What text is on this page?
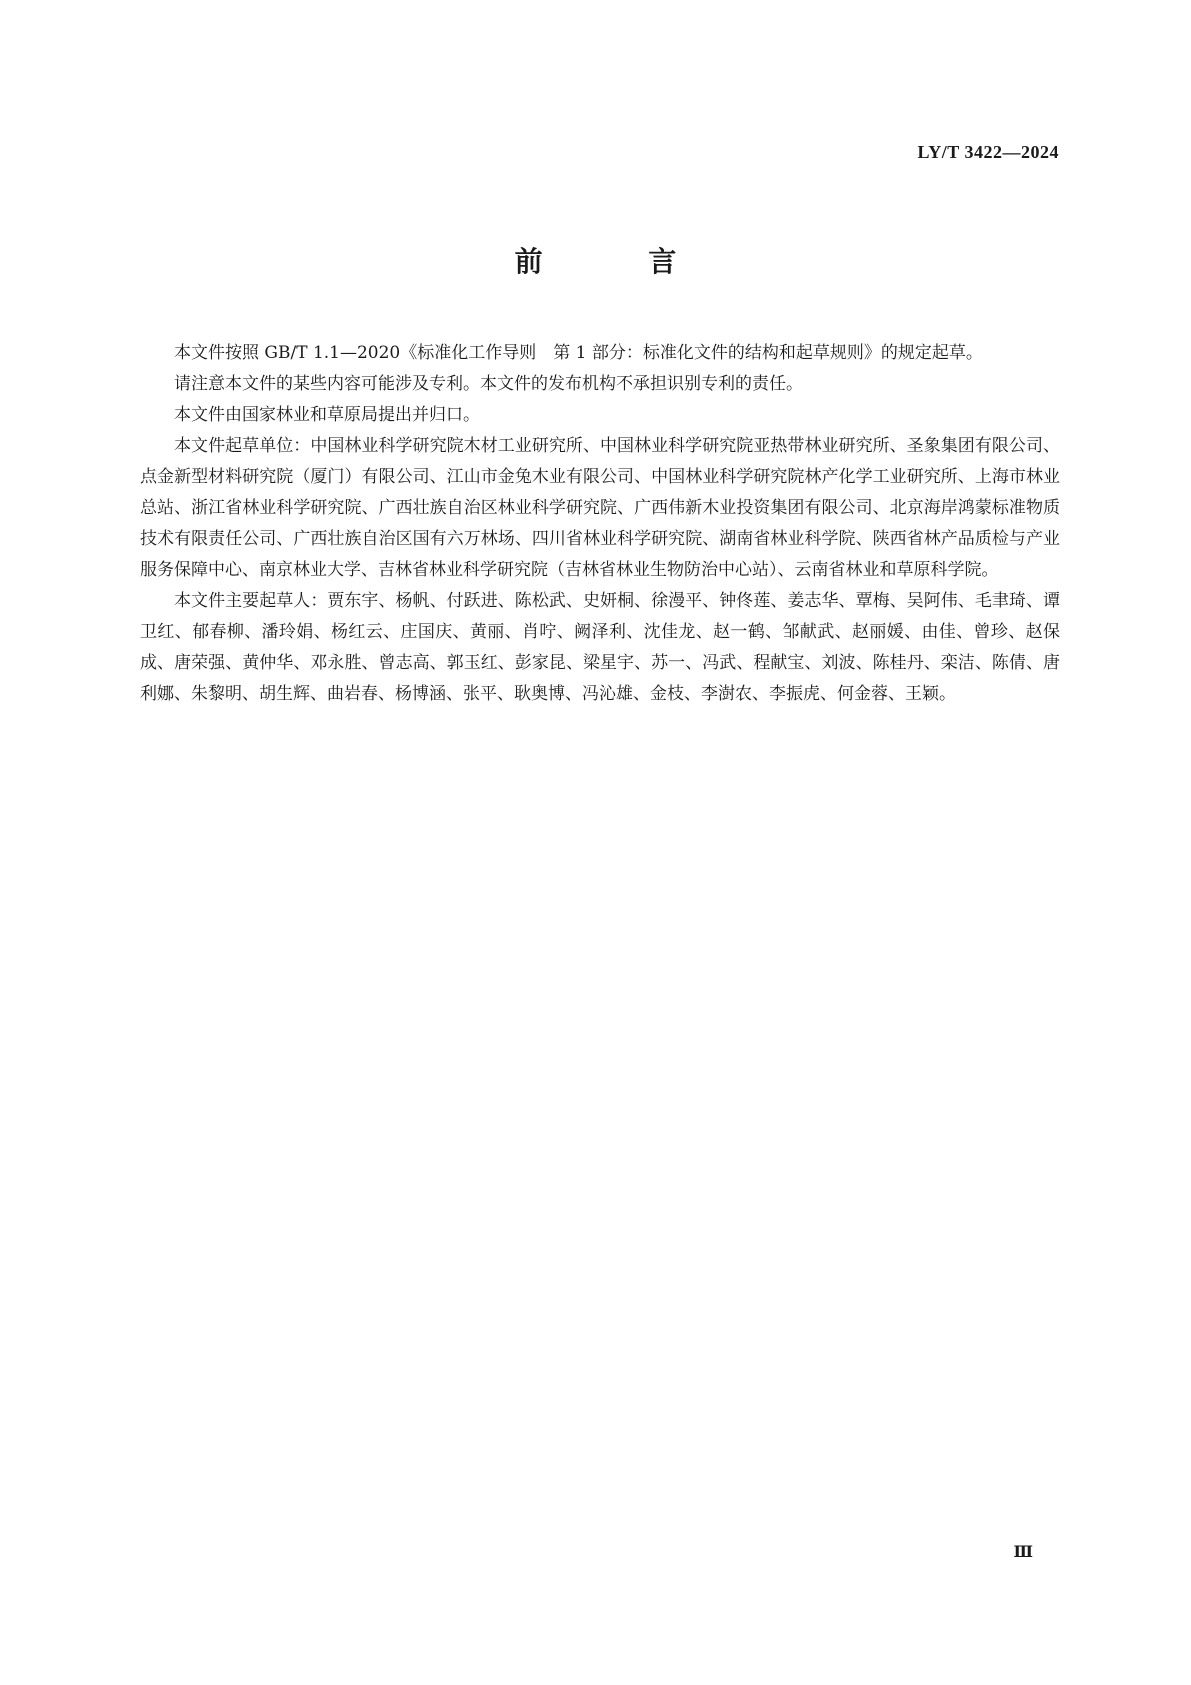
LY/T 3422—2024
前 言

本文件按照 GB/T 1.1—2020《标准化工作导则　第 1 部分：标准化文件的结构和起草规则》的规定起草。

请注意本文件的某些内容可能涉及专利。本文件的发布机构不承担识别专利的责任。

本文件由国家林业和草原局提出并归口。

本文件起草单位：中国林业科学研究院木材工业研究所、中国林业科学研究院亚热带林业研究所、圣象集团有限公司、点金新型材料研究院（厦门）有限公司、江山市金兔木业有限公司、中国林业科学研究院林产化学工业研究所、上海市林业总站、浙江省林业科学研究院、广西壮族自治区林业科学研究院、广西伟新木业投资集团有限公司、北京海岸鸿蒙标准物质技术有限责任公司、广西壮族自治区国有六万林场、四川省林业科学研究院、湖南省林业科学院、陕西省林产品质检与产业服务保障中心、南京林业大学、吉林省林业科学研究院（吉林省林业生物防治中心站）、云南省林业和草原科学院。

本文件主要起草人：贾东宇、杨帆、付跃进、陈松武、史妍桐、徐漫平、钟佟莲、姜志华、覃梅、吴阿伟、毛聿琦、谭卫红、郁春柳、潘玲娟、杨红云、庄国庆、黄丽、肖咛、阙泽利、沈佳龙、赵一鹤、邹献武、赵丽媛、由佳、曾珍、赵保成、唐荣强、黄仲华、邓永胜、曾志高、郭玉红、彭家昆、梁星宇、苏一、冯武、程献宝、刘波、陈桂丹、栾洁、陈倩、唐利娜、朱黎明、胡生辉、曲岩春、杨博涵、张平、耿奥博、冯沁雄、金枝、李澍农、李振虎、何金蓉、王颖。

Ⅲ
